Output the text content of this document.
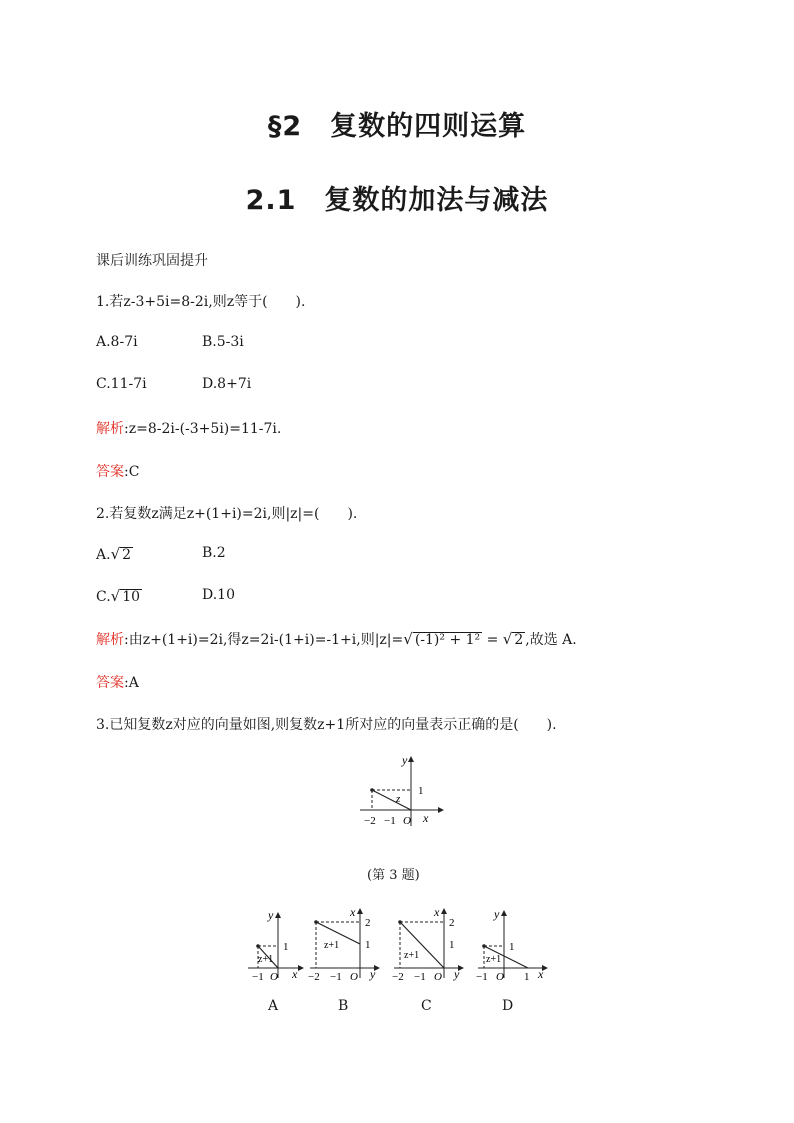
§2　复数的四则运算
2.1　复数的加法与减法
课后训练巩固提升
1.若z-3+5i=8-2i,则z等于(　　).
A.8-7i	B.5-3i
C.11-7i	D.8+7i
解析:z=8-2i-(-3+5i)=11-7i.
答案:C
2.若复数z满足z+(1+i)=2i,则|z|=(　　).
A.√ 2	B.2
C.√ 10	D.10
解析:由z+(1+i)=2i,得z=2i-(1+i)=-1+i,则|z|=√ (-1)² + 1² = √ 2 ,故选 A.
答案:A
3.已知复数z对应的向量如图,则复数z+1所对应的向量表示正确的是(　　).
y
1
z
−2 −1 O x
(第 3 题)
y
1
z+1
−1 O x
A
x
2
1
z+1
−2 −1 O y
B
x
2
1
z+1
−2 −1 O y
C
y
1
z+1
−1 O 1 x
D
